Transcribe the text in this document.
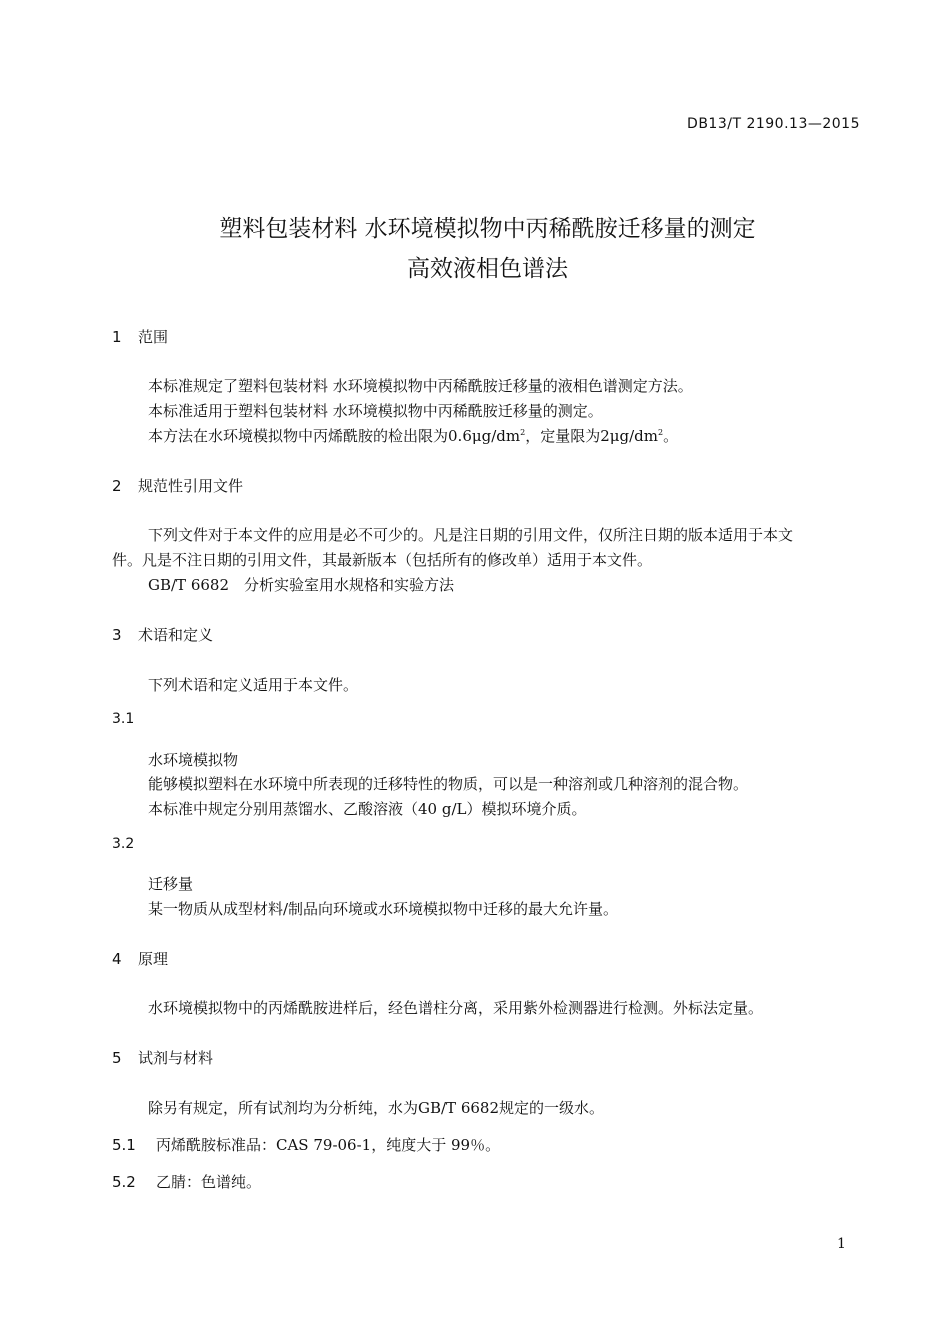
DB13/T 2190.13—2015
塑料包装材料 水环境模拟物中丙稀酰胺迁移量的测定
高效液相色谱法
1 范围
本标准规定了塑料包装材料 水环境模拟物中丙稀酰胺迁移量的液相色谱测定方法。
本标准适用于塑料包装材料 水环境模拟物中丙稀酰胺迁移量的测定。
本方法在水环境模拟物中丙烯酰胺的检出限为$0.6\mu g/dm^2$，定量限为$2\mu g/dm^2$。
2 规范性引用文件
下列文件对于本文件的应用是必不可少的。凡是注日期的引用文件，仅所注日期的版本适用于本文
件。凡是不注日期的引用文件，其最新版本（包括所有的修改单）适用于本文件。
GB/T 6682　分析实验室用水规格和实验方法
3 术语和定义
下列术语和定义适用于本文件。
3.1
水环境模拟物
能够模拟塑料在水环境中所表现的迁移特性的物质，可以是一种溶剂或几种溶剂的混合物。
本标准中规定分别用蒸馏水、乙酸溶液（40 g/L）模拟环境介质。
3.2
迁移量
某一物质从成型材料/制品向环境或水环境模拟物中迁移的最大允许量。
4 原理
水环境模拟物中的丙烯酰胺进样后，经色谱柱分离，采用紫外检测器进行检测。外标法定量。
5 试剂与材料
除另有规定，所有试剂均为分析纯，水为GB/T 6682规定的一级水。
5.1 丙烯酰胺标准品：CAS 79-06-1，纯度大于 99％。
5.2 乙腈：色谱纯。
1
